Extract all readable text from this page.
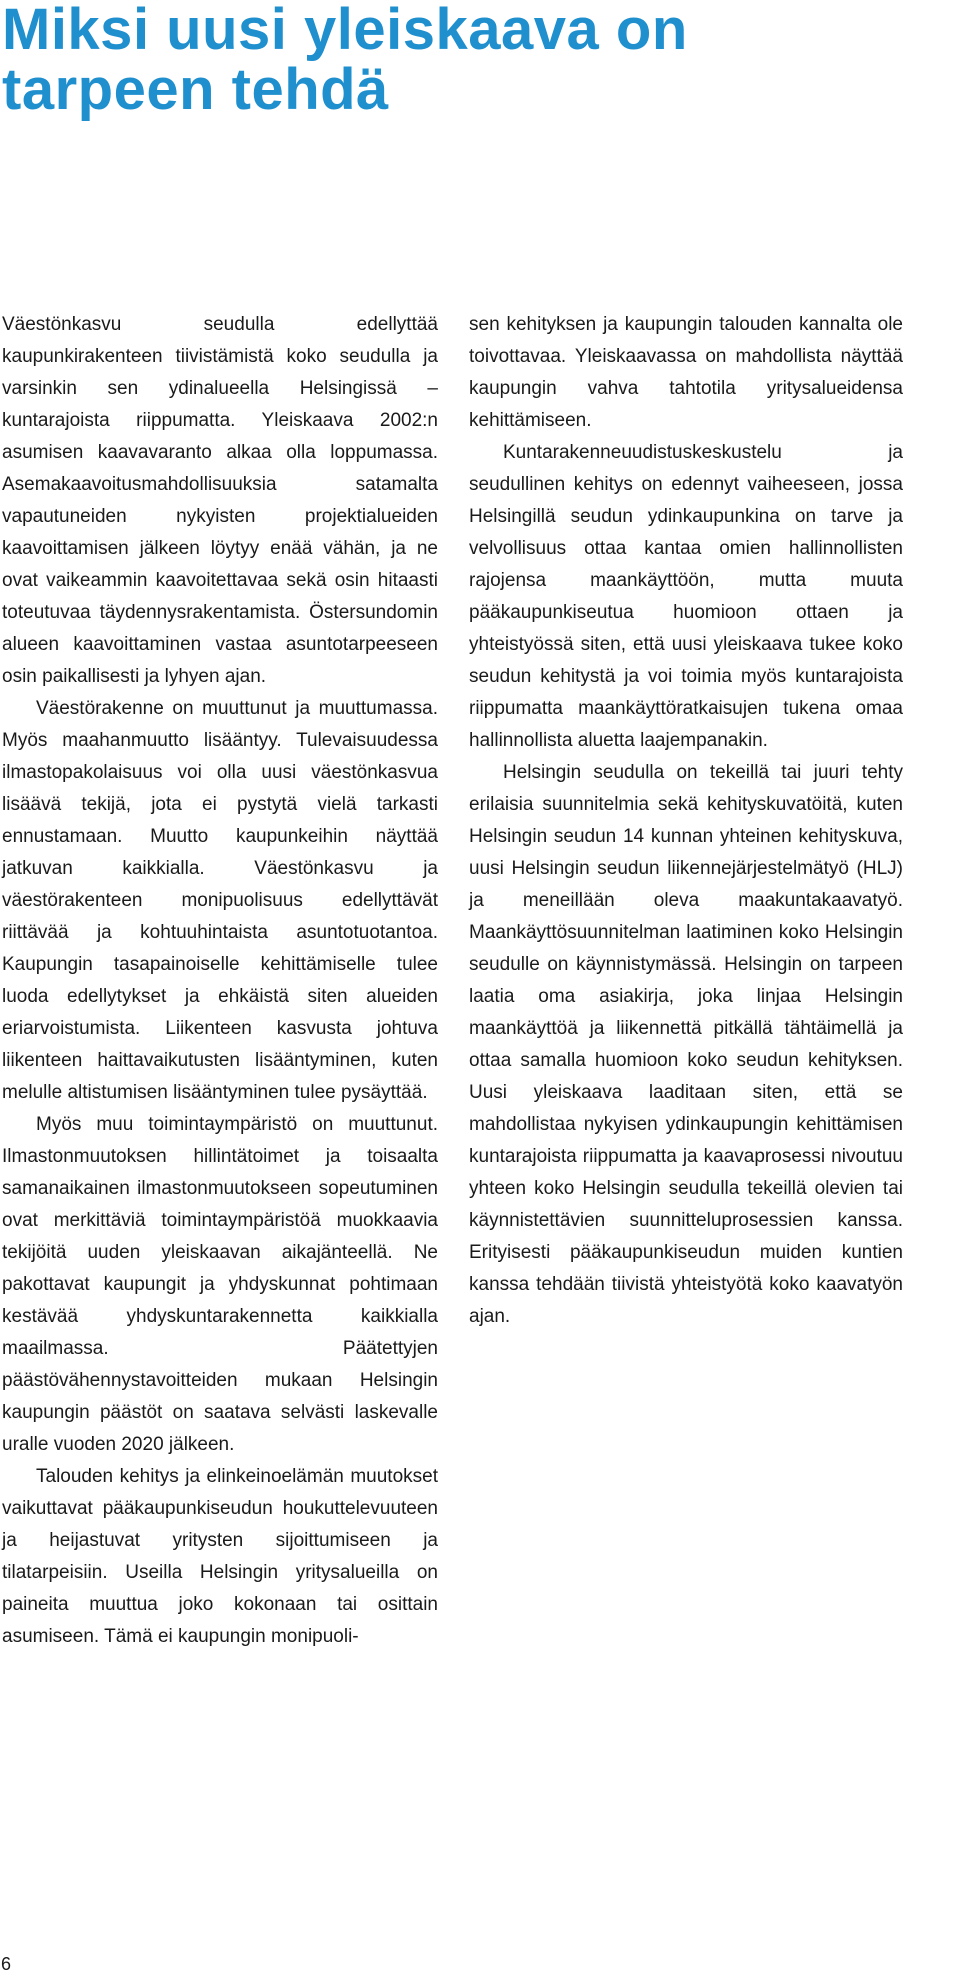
Miksi uusi yleiskaava on
tarpeen tehdä

Väestönkasvu seudulla edellyttää kaupunkirakenteen tiivistämistä koko seudulla ja varsinkin sen ydinalueella Helsingissä – kuntarajoista riippumatta. Yleiskaava 2002:n asumisen kaavavaranto alkaa olla loppumassa. Asemakaavoitusmahdollisuuksia satamalta vapautuneiden nykyisten projektialueiden kaavoittamisen jälkeen löytyy enää vähän, ja ne ovat vaikeammin kaavoitettavaa sekä osin hitaasti toteutuvaa täydennysrakentamista. Östersundomin alueen kaavoittaminen vastaa asuntotarpeeseen osin paikallisesti ja lyhyen ajan.

Väestörakenne on muuttunut ja muuttumassa. Myös maahanmuutto lisääntyy. Tulevaisuudessa ilmastopakolaisuus voi olla uusi väestönkasvua lisäävä tekijä, jota ei pystytä vielä tarkasti ennustamaan. Muutto kaupunkeihin näyttää jatkuvan kaikkialla. Väestönkasvu ja väestörakenteen monipuolisuus edellyttävät riittävää ja kohtuuhintaista asuntotuotantoa. Kaupungin tasapainoiselle kehittämiselle tulee luoda edellytykset ja ehkäistä siten alueiden eriarvoistumista. Liikenteen kasvusta johtuva liikenteen haittavaikutusten lisääntyminen, kuten melulle altistumisen lisääntyminen tulee pysäyttää.

Myös muu toimintaympäristö on muuttunut. Ilmastonmuutoksen hillintätoimet ja toisaalta samanaikainen ilmastonmuutokseen sopeutuminen ovat merkittäviä toimintaympäristöä muokkaavia tekijöitä uuden yleiskaavan aikajänteellä. Ne pakottavat kaupungit ja yhdyskunnat pohtimaan kestävää yhdyskuntarakennetta kaikkialla maailmassa. Päätettyjen päästövähennystavoitteiden mukaan Helsingin kaupungin päästöt on saatava selvästi laskevalle uralle vuoden 2020 jälkeen.

Talouden kehitys ja elinkeinoelämän muutokset vaikuttavat pääkaupunkiseudun houkuttelevuuteen ja heijastuvat yritysten sijoittumiseen ja tilatarpeisiin. Useilla Helsingin yritysalueilla on paineita muuttua joko kokonaan tai osittain asumiseen. Tämä ei kaupungin monipuoli-

sen kehityksen ja kaupungin talouden kannalta ole toivottavaa. Yleiskaavassa on mahdollista näyttää kaupungin vahva tahtotila yritysalueidensa kehittämiseen.

Kuntarakenneuudistuskeskustelu ja seudullinen kehitys on edennyt vaiheeseen, jossa Helsingillä seudun ydinkaupunkina on tarve ja velvollisuus ottaa kantaa omien hallinnollisten rajojensa maankäyttöön, mutta muuta pääkaupunkiseutua huomioon ottaen ja yhteistyössä siten, että uusi yleiskaava tukee koko seudun kehitystä ja voi toimia myös kuntarajoista riippumatta maankäyttöratkaisujen tukena omaa hallinnollista aluetta laajempanakin.

Helsingin seudulla on tekeillä tai juuri tehty erilaisia suunnitelmia sekä kehityskuvatöitä, kuten Helsingin seudun 14 kunnan yhteinen kehityskuva, uusi Helsingin seudun liikennejärjestelmätyö (HLJ) ja meneillään oleva maakuntakaavatyö. Maankäyttösuunnitelman laatiminen koko Helsingin seudulle on käynnistymässä. Helsingin on tarpeen laatia oma asiakirja, joka linjaa Helsingin maankäyttöä ja liikennettä pitkällä tähtäimellä ja ottaa samalla huomioon koko seudun kehityksen. Uusi yleiskaava laaditaan siten, että se mahdollistaa nykyisen ydinkaupungin kehittämisen kuntarajoista riippumatta ja kaavaprosessi nivoutuu yhteen koko Helsingin seudulla tekeillä olevien tai käynnistettävien suunnitteluprosessien kanssa. Erityisesti pääkaupunkiseudun muiden kuntien kanssa tehdään tiivistä yhteistyötä koko kaavatyön ajan.

6
